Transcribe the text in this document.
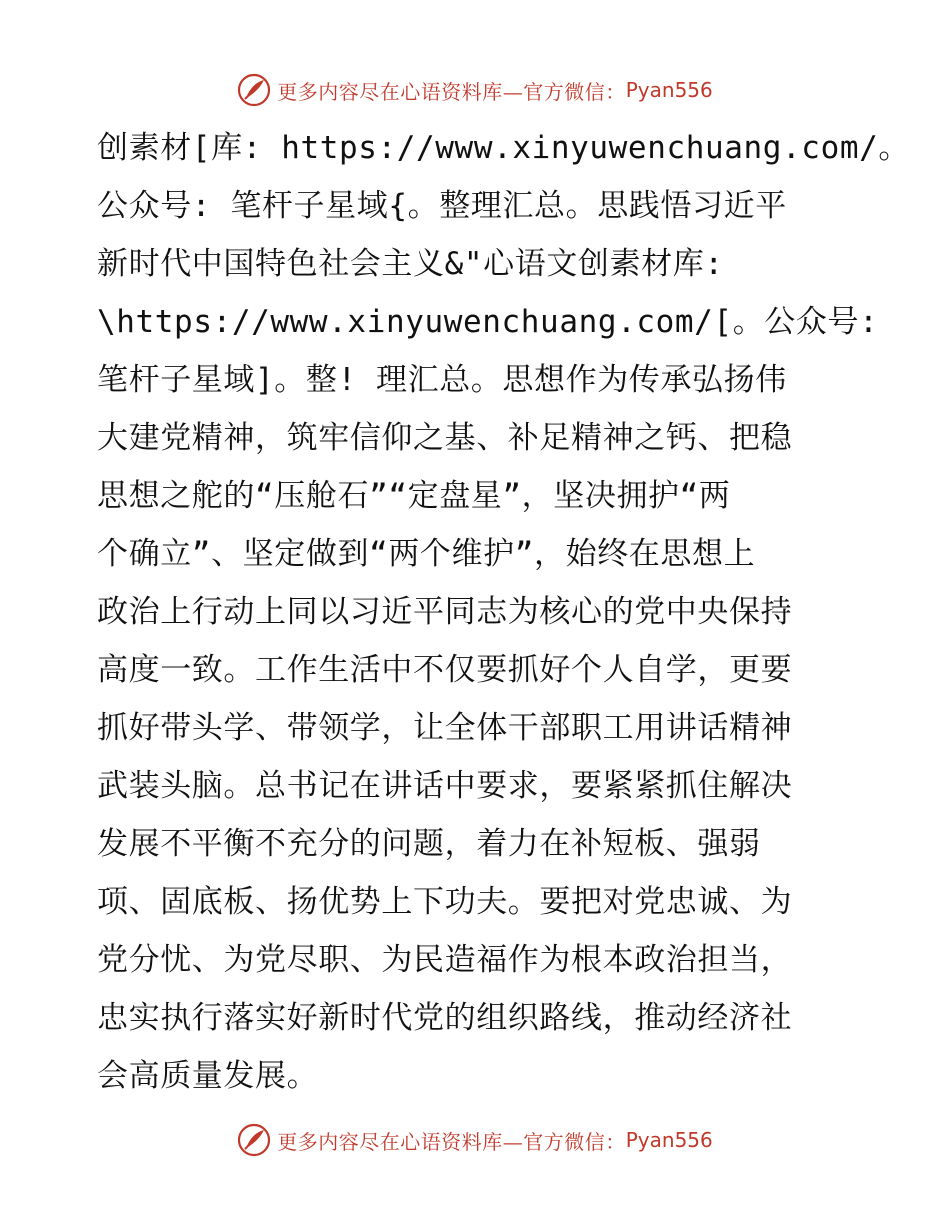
更多内容尽在心语资料库—官方微信： Pyan556
创素材[库: https://www.xinyuwenchuang.com/。
公众号: 笔杆子星域{。整理汇总。思践悟习近平
新时代中国特色社会主义&"心语文创素材库:
\https://www.xinyuwenchuang.com/[。公众号:
笔杆子星域]。整! 理汇总。思想作为传承弘扬伟
大建党精神，筑牢信仰之基、补足精神之钙、把稳
思想之舵的“压舱石”“定盘星”，坚决拥护“两
个确立”、坚定做到“两个维护”，始终在思想上
政治上行动上同以习近平同志为核心的党中央保持
高度一致。工作生活中不仅要抓好个人自学，更要
抓好带头学、带领学，让全体干部职工用讲话精神
武装头脑。总书记在讲话中要求，要紧紧抓住解决
发展不平衡不充分的问题，着力在补短板、强弱
项、固底板、扬优势上下功夫。要把对党忠诚、为
党分忧、为党尽职、为民造福作为根本政治担当，
忠实执行落实好新时代党的组织路线，推动经济社
会高质量发展。
更多内容尽在心语资料库—官方微信： Pyan556
